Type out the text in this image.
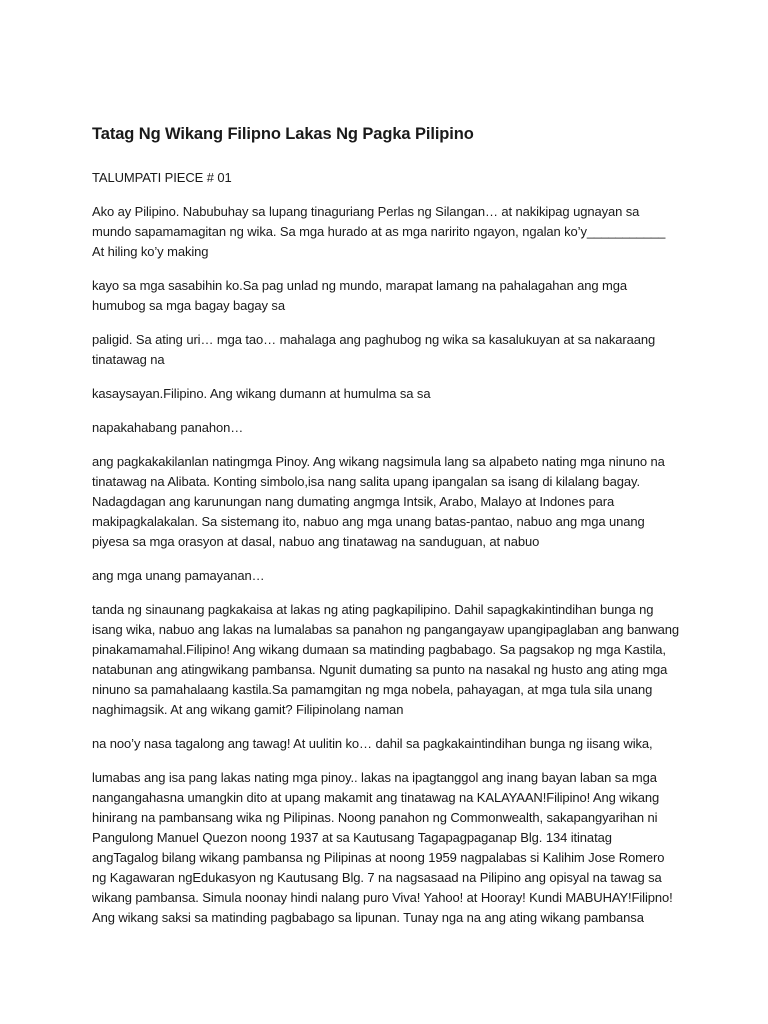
Tatag Ng Wikang Filipno Lakas Ng Pagka Pilipino

TALUMPATI PIECE # 01

Ako ay Pilipino. Nabubuhay sa lupang tinaguriang Perlas ng Silangan… at nakikipag ugnayan sa mundo sapamamagitan ng wika. Sa mga hurado at as mga naririto ngayon, ngalan ko’y___________ At hiling ko’y making

kayo sa mga sasabihin ko.Sa pag unlad ng mundo, marapat lamang na pahalagahan ang mga humubog sa mga bagay bagay sa

paligid. Sa ating uri… mga tao… mahalaga ang paghubog ng wika sa kasalukuyan at sa nakaraang tinatawag na

kasaysayan.Filipino. Ang wikang dumann at humulma sa sa

napakahabang panahon…

ang pagkakakilanlan natingmga Pinoy. Ang wikang nagsimula lang sa alpabeto nating mga ninuno na tinatawag na Alibata. Konting simbolo,isa nang salita upang ipangalan sa isang di kilalang bagay. Nadagdagan ang karunungan nang dumating angmga Intsik, Arabo, Malayo at Indones para makipagkalakalan. Sa sistemang ito, nabuo ang mga unang batas-pantao, nabuo ang mga unang piyesa sa mga orasyon at dasal, nabuo ang tinatawag na sanduguan, at nabuo

ang mga unang pamayanan…

tanda ng sinaunang pagkakaisa at lakas ng ating pagkapilipino. Dahil sapagkakintindihan bunga ng isang wika, nabuo ang lakas na lumalabas sa panahon ng pangangayaw upangipaglaban ang banwang pinakamamahal.Filipino! Ang wikang dumaan sa matinding pagbabago. Sa pagsakop ng mga Kastila, natabunan ang atingwikang pambansa. Ngunit dumating sa punto na nasakal ng husto ang ating mga ninuno sa pamahalaang kastila.Sa pamamgitan ng mga nobela, pahayagan, at mga tula sila unang naghimagsik. At ang wikang gamit? Filipinolang naman

na noo’y nasa tagalong ang tawag! At uulitin ko… dahil sa pagkakaintindihan bunga ng iisang wika,

lumabas ang isa pang lakas nating mga pinoy.. lakas na ipagtanggol ang inang bayan laban sa mga nangangahasna umangkin dito at upang makamit ang tinatawag na KALAYAAN!Filipino! Ang wikang hinirang na pambansang wika ng Pilipinas. Noong panahon ng Commonwealth, sakapangyarihan ni Pangulong Manuel Quezon noong 1937 at sa Kautusang Tagapagpaganap Blg. 134 itinatag angTagalog bilang wikang pambansa ng Pilipinas at noong 1959 nagpalabas si Kalihim Jose Romero ng Kagawaran ngEdukasyon ng Kautusang Blg. 7 na nagsasaad na Pilipino ang opisyal na tawag sa wikang pambansa. Simula noonay hindi nalang puro Viva! Yahoo! at Hooray! Kundi MABUHAY!Filipno! Ang wikang saksi sa matinding pagbabago sa lipunan. Tunay nga na ang ating wikang pambansa
